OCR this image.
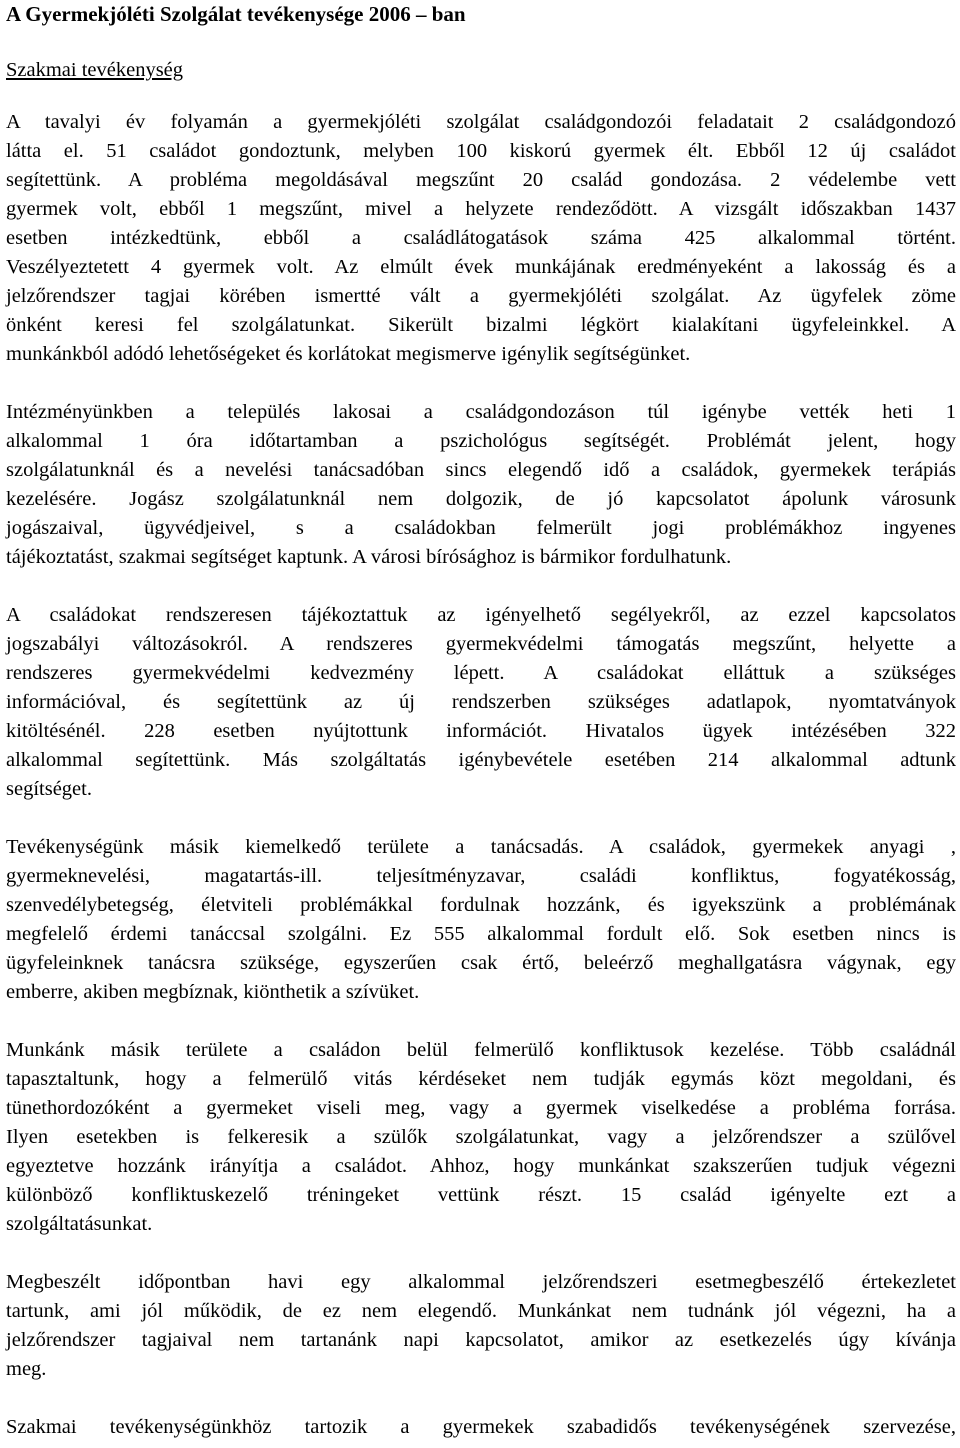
A Gyermekjóléti Szolgálat tevékenysége 2006 – ban
Szakmai tevékenység
A tavalyi év folyamán a gyermekjóléti szolgálat családgondozói feladatait 2 családgondozó
látta el. 51 családot gondoztunk, melyben 100 kiskorú gyermek élt. Ebből 12 új családot
segítettünk. A probléma megoldásával megszűnt 20 család gondozása. 2 védelembe vett
gyermek volt, ebből 1 megszűnt, mivel a helyzete rendeződött. A vizsgált időszakban 1437
esetben intézkedtünk, ebből a családlátogatások száma 425 alkalommal történt.
Veszélyeztetett 4 gyermek volt. Az elmúlt évek munkájának eredményeként a lakosság és a
jelzőrendszer tagjai körében ismertté vált a gyermekjóléti szolgálat. Az ügyfelek zöme
önként keresi fel szolgálatunkat. Sikerült bizalmi légkört kialakítani ügyfeleinkkel. A
munkánkból adódó lehetőségeket és korlátokat megismerve igénylik segítségünket.
Intézményünkben a település lakosai a családgondozáson túl igénybe vették heti 1
alkalommal 1 óra időtartamban a pszichológus segítségét. Problémát jelent, hogy
szolgálatunknál és a nevelési tanácsadóban sincs elegendő idő a családok, gyermekek terápiás
kezelésére. Jogász szolgálatunknál nem dolgozik, de jó kapcsolatot ápolunk városunk
jogászaival, ügyvédjeivel, s a családokban felmerült jogi problémákhoz ingyenes
tájékoztatást, szakmai segítséget kaptunk. A városi bírósághoz is bármikor fordulhatunk.
A családokat rendszeresen tájékoztattuk az igényelhető segélyekről, az ezzel kapcsolatos
jogszabályi változásokról. A rendszeres gyermekvédelmi támogatás megszűnt, helyette a
rendszeres gyermekvédelmi kedvezmény lépett. A családokat elláttuk a szükséges
információval, és segítettünk az új rendszerben szükséges adatlapok, nyomtatványok
kitöltésénél. 228 esetben nyújtottunk információt. Hivatalos ügyek intézésében 322
alkalommal segítettünk. Más szolgáltatás igénybevétele esetében 214 alkalommal adtunk
segítséget.
Tevékenységünk másik kiemelkedő területe a tanácsadás. A családok, gyermekek anyagi ,
gyermeknevelési, magatartás-ill. teljesítményzavar, családi konfliktus, fogyatékosság,
szenvedélybetegség, életviteli problémákkal fordulnak hozzánk, és igyekszünk a problémának
megfelelő érdemi tanáccsal szolgálni. Ez 555 alkalommal fordult elő. Sok esetben nincs is
ügyfeleinknek tanácsra szüksége, egyszerűen csak értő, beleérző meghallgatásra vágynak, egy
emberre, akiben megbíznak, kiönthetik a szívüket.
Munkánk másik területe a családon belül felmerülő konfliktusok kezelése. Több családnál
tapasztaltunk, hogy a felmerülő vitás kérdéseket nem tudják egymás közt megoldani, és
tünethordozóként a gyermeket viseli meg, vagy a gyermek viselkedése a probléma forrása.
Ilyen esetekben is felkeresik a szülők szolgálatunkat, vagy a jelzőrendszer a szülővel
egyeztetve hozzánk irányítja a családot. Ahhoz, hogy munkánkat szakszerűen tudjuk végezni
különböző konfliktuskezelő tréningeket vettünk részt. 15 család igényelte ezt a
szolgáltatásunkat.
Megbeszélt időpontban havi egy alkalommal jelzőrendszeri esetmegbeszélő értekezletet
tartunk, ami jól működik, de ez nem elegendő. Munkánkat nem tudnánk jól végezni, ha a
jelzőrendszer tagjaival nem tartanánk napi kapcsolatot, amikor az esetkezelés úgy kívánja
meg.
Szakmai tevékenységünkhöz tartozik a gyermekek szabadidős tevékenységének szervezése,
